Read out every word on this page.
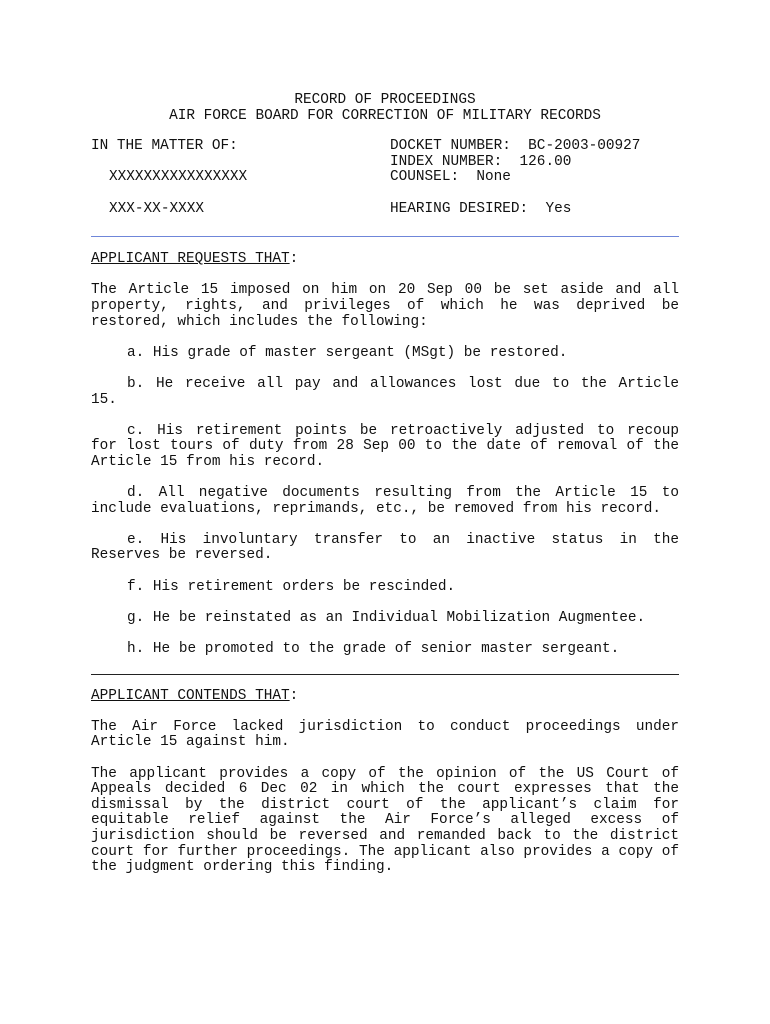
RECORD OF PROCEEDINGS
AIR FORCE BOARD FOR CORRECTION OF MILITARY RECORDS
IN THE MATTER OF:
XXXXXXXXXXXXXXXX
XXX-XX-XXXX
DOCKET NUMBER:  BC-2003-00927
INDEX NUMBER:  126.00
COUNSEL:  None
HEARING DESIRED:  Yes
APPLICANT REQUESTS THAT:
The Article 15 imposed on him on 20 Sep 00 be set aside and all property, rights, and privileges of which he was deprived be restored, which includes the following:
a. His grade of master sergeant (MSgt) be restored.
b. He receive all pay and allowances lost due to the Article 15.
c. His retirement points be retroactively adjusted to recoup for lost tours of duty from 28 Sep 00 to the date of removal of the Article 15 from his record.
d. All negative documents resulting from the Article 15 to include evaluations, reprimands, etc., be removed from his record.
e. His involuntary transfer to an inactive status in the Reserves be reversed.
f. His retirement orders be rescinded.
g. He be reinstated as an Individual Mobilization Augmentee.
h. He be promoted to the grade of senior master sergeant.
APPLICANT CONTENDS THAT:
The Air Force lacked jurisdiction to conduct proceedings under Article 15 against him.
The applicant provides a copy of the opinion of the US Court of Appeals decided 6 Dec 02 in which the court expresses that the dismissal by the district court of the applicant’s claim for equitable relief against the Air Force’s alleged excess of jurisdiction should be reversed and remanded back to the district court for further proceedings. The applicant also provides a copy of the judgment ordering this finding.
